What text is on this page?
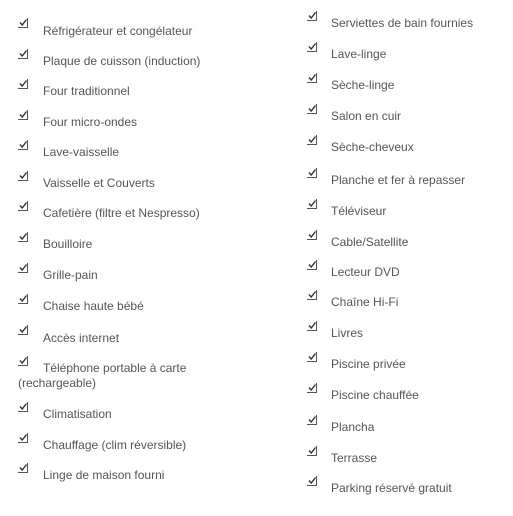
Réfrigérateur et congélateur
Plaque de cuisson (induction)
Four traditionnel
Four micro-ondes
Lave-vaisselle
Vaisselle et Couverts
Cafetière (filtre et Nespresso)
Bouilloire
Grille-pain
Chaise haute bébé
Accès internet
Téléphone portable à carte (rechargeable)
Climatisation
Chauffage (clim réversible)
Linge de maison fourni
Serviettes de bain fournies
Lave-linge
Sèche-linge
Salon en cuir
Sèche-cheveux
Planche et fer à repasser
Téléviseur
Cable/Satellite
Lecteur DVD
Chaîne Hi-Fi
Livres
Piscine privée
Piscine chauffée
Plancha
Terrasse
Parking réservé gratuit
